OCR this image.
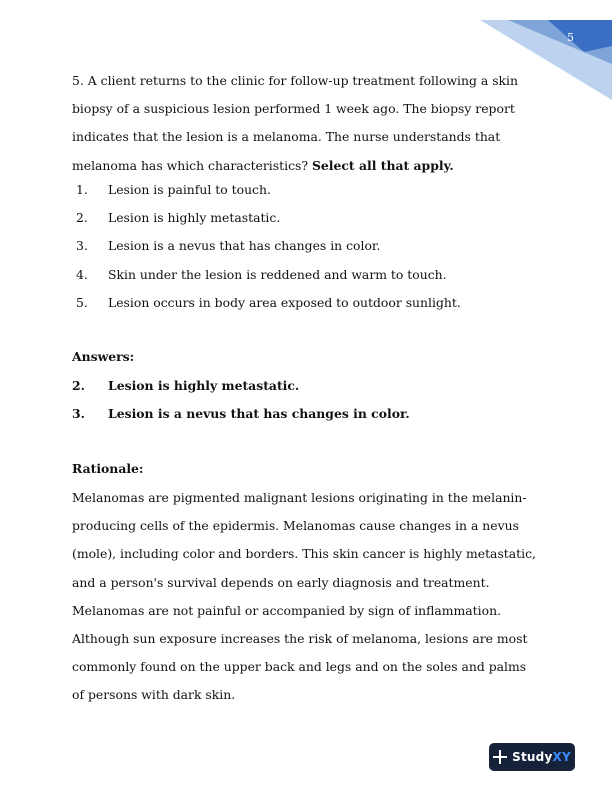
5
5. A client returns to the clinic for follow-up treatment following a skin biopsy of a suspicious lesion performed 1 week ago. The biopsy report indicates that the lesion is a melanoma. The nurse understands that melanoma has which characteristics? Select all that apply.
1. Lesion is painful to touch.
2. Lesion is highly metastatic.
3. Lesion is a nevus that has changes in color.
4. Skin under the lesion is reddened and warm to touch.
5. Lesion occurs in body area exposed to outdoor sunlight.
Answers:
2. Lesion is highly metastatic.
3. Lesion is a nevus that has changes in color.
Rationale:
Melanomas are pigmented malignant lesions originating in the melanin-producing cells of the epidermis. Melanomas cause changes in a nevus (mole), including color and borders. This skin cancer is highly metastatic, and a person's survival depends on early diagnosis and treatment. Melanomas are not painful or accompanied by sign of inflammation. Although sun exposure increases the risk of melanoma, lesions are most commonly found on the upper back and legs and on the soles and palms of persons with dark skin.
StudyXY
